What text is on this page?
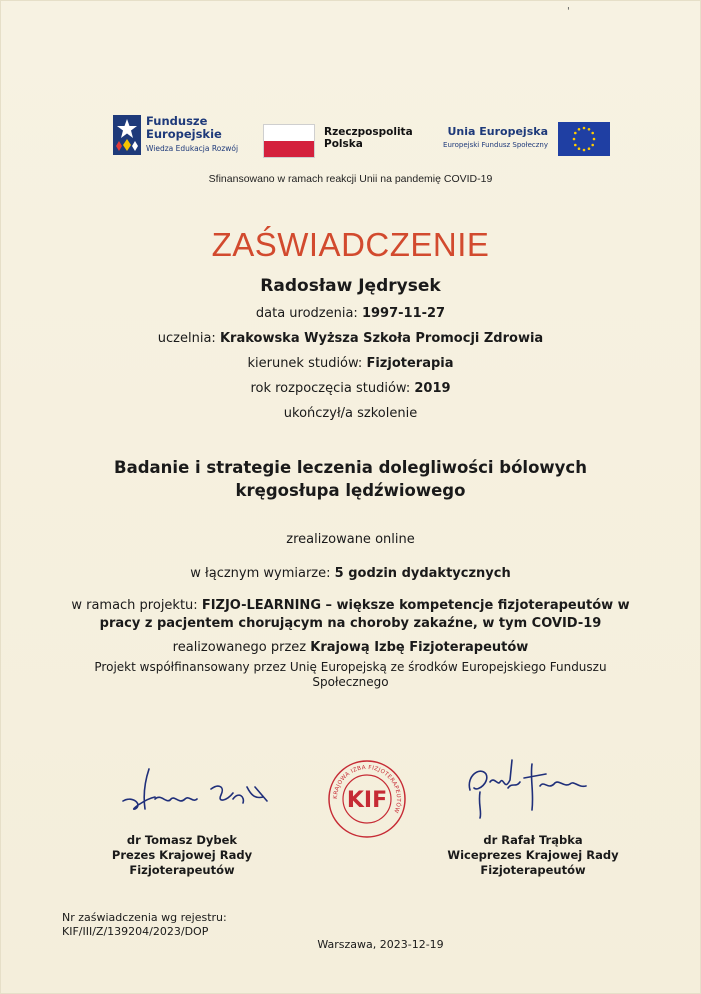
'
Fundusze
Europejskie
Wiedza Edukacja Rozwój
Rzeczpospolita
Polska
Unia Europejska
Europejski Fundusz Społeczny
Sfinansowano w ramach reakcji Unii na pandemię COVID-19
ZAŚWIADCZENIE
Radosław Jędrysek
data urodzenia: 1997-11-27
uczelnia: Krakowska Wyższa Szkoła Promocji Zdrowia
kierunek studiów: Fizjoterapia
rok rozpoczęcia studiów: 2019
ukończył/a szkolenie
Badanie i strategie leczenia dolegliwości bólowych
kręgosłupa lędźwiowego
zrealizowane online
w łącznym wymiarze: 5 godzin dydaktycznych
w ramach projektu: FIZJO-LEARNING – większe kompetencje fizjoterapeutów w pracy z pacjentem chorującym na choroby zakaźne, w tym COVID-19
realizowanego przez Krajową Izbę Fizjoterapeutów
Projekt współfinansowany przez Unię Europejską ze środków Europejskiego Funduszu Społecznego
KRAJOWA IZBA FIZJOTERAPEUTÓW
KIF
dr Tomasz Dybek
Prezes Krajowej Rady
Fizjoterapeutów
dr Rafał Trąbka
Wiceprezes Krajowej Rady
Fizjoterapeutów
Nr zaświadczenia wg rejestru:
KIF/III/Z/139204/2023/DOP
Warszawa, 2023-12-19
